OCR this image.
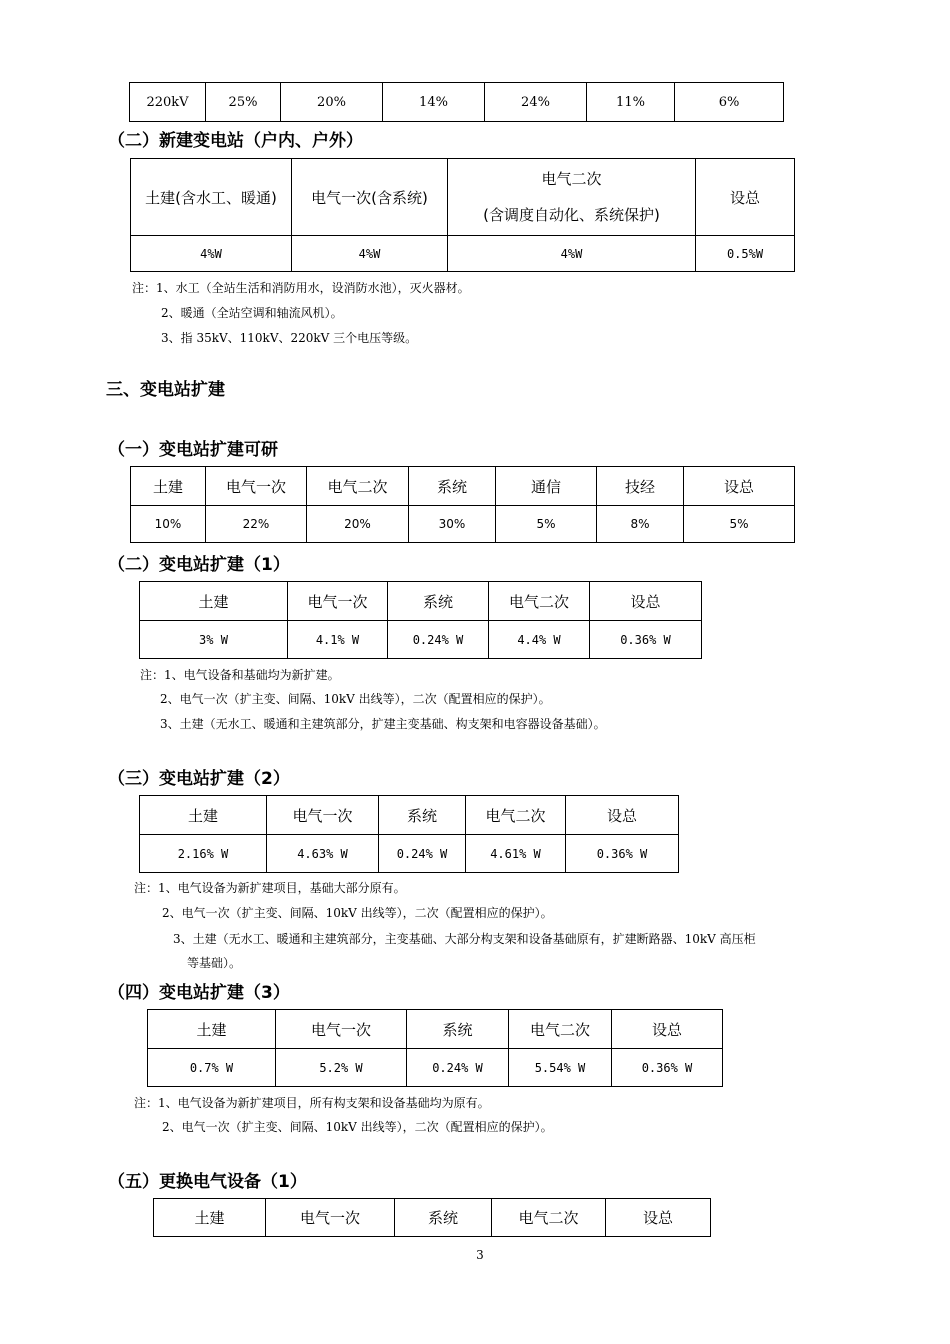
220kV	25%	20%	14%	24%	11%	6%
（二）新建变电站（户内、户外）
土建(含水工、暖通)	电气一次(含系统)	电气二次
(含调度自动化、系统保护)	设总
4%W	4%W	4%W	0.5%W
注：1、水工（全站生活和消防用水，设消防水池），灭火器材。
2、暖通（全站空调和轴流风机）。
3、指 35kV、110kV、220kV 三个电压等级。
三、变电站扩建
（一）变电站扩建可研
土建	电气一次	电气二次	系统	通信	技经	设总
10%	22%	20%	30%	5%	8%	5%
（二）变电站扩建（1）
土建	电气一次	系统	电气二次	设总
3% W	4.1% W	0.24% W	4.4% W	0.36% W
注：1、电气设备和基础均为新扩建。
2、电气一次（扩主变、间隔、10kV 出线等），二次（配置相应的保护）。
3、土建（无水工、暖通和主建筑部分，扩建主变基础、构支架和电容器设备基础）。
（三）变电站扩建（2）
土建	电气一次	系统	电气二次	设总
2.16% W	4.63% W	0.24% W	4.61% W	0.36% W
注：1、电气设备为新扩建项目，基础大部分原有。
2、电气一次（扩主变、间隔、10kV 出线等），二次（配置相应的保护）。
3、土建（无水工、暖通和主建筑部分，主变基础、大部分构支架和设备基础原有，扩建断路器、10kV 高压柜
等基础）。
（四）变电站扩建（3）
土建	电气一次	系统	电气二次	设总
0.7% W	5.2% W	0.24% W	5.54% W	0.36% W
注：1、电气设备为新扩建项目，所有构支架和设备基础均为原有。
2、电气一次（扩主变、间隔、10kV 出线等），二次（配置相应的保护）。
（五）更换电气设备（1）
土建	电气一次	系统	电气二次	设总
3
